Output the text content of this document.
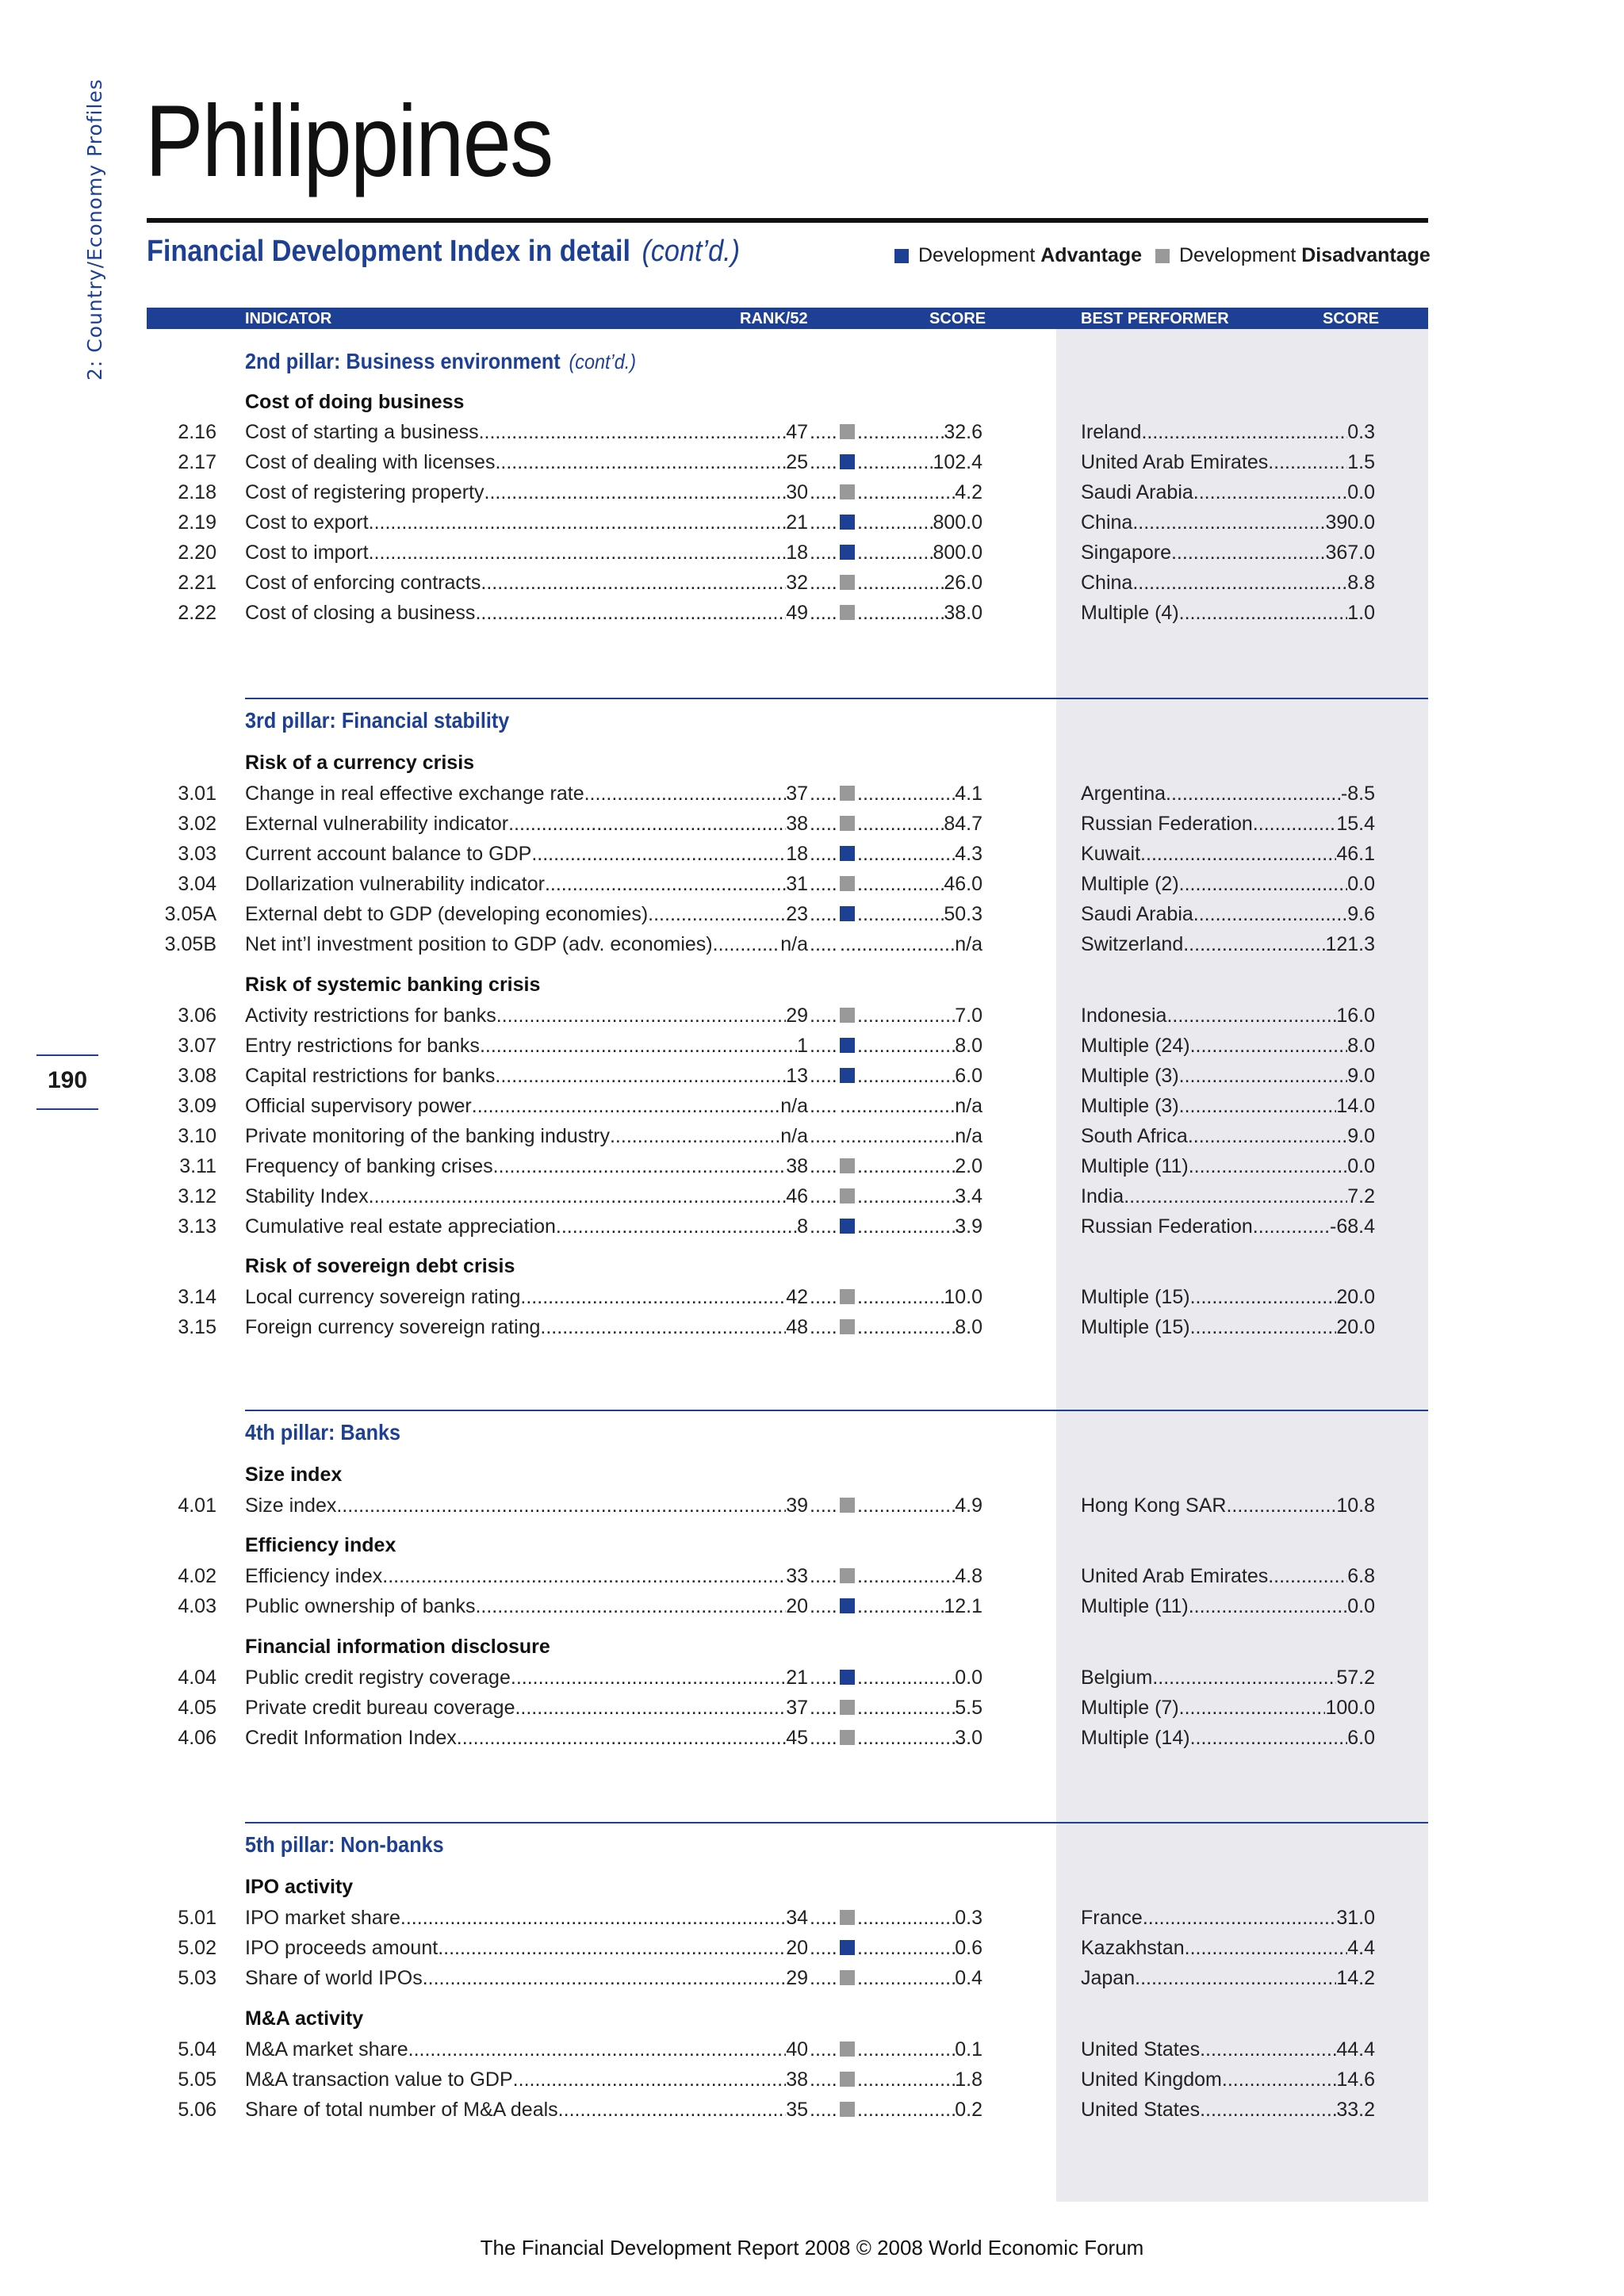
2: Country/Economy Profiles
190
Philippines
Financial Development Index in detail (cont’d.)	Development Advantage	Development Disadvantage
INDICATOR	RANK/52	SCORE	BEST PERFORMER	SCORE
2nd pillar: Business environment (cont’d.)
3rd pillar: Financial stability
4th pillar: Banks
5th pillar: Non-banks
Cost of doing business
Risk of a currency crisis
Risk of systemic banking crisis
Risk of sovereign debt crisis
Size index
Efficiency index
Financial information disclosure
IPO activity
M&A activity
2.16 Cost of starting a business .....	47 ..... .....	32.6	Ireland .....	0.3
2.17 Cost of dealing with licenses .....	25 ..... .....	102.4	United Arab Emirates .....	1.5
2.18 Cost of registering property .....	30 ..... .....	4.2	Saudi Arabia .....	0.0
2.19 Cost to export .....	21 ..... .....	800.0	China .....	390.0
2.20 Cost to import .....	18 ..... .....	800.0	Singapore .....	367.0
2.21 Cost of enforcing contracts .....	32 ..... .....	26.0	China .....	8.8
2.22 Cost of closing a business .....	49 ..... .....	38.0	Multiple (4) .....	1.0
3.01 Change in real effective exchange rate .....	37 ..... .....	4.1	Argentina .....	-8.5
3.02 External vulnerability indicator .....	38 ..... .....	84.7	Russian Federation .....	15.4
3.03 Current account balance to GDP .....	18 ..... .....	4.3	Kuwait .....	46.1
3.04 Dollarization vulnerability indicator .....	31 ..... .....	46.0	Multiple (2) .....	0.0
3.05A External debt to GDP (developing economies) .....	23 ..... .....	50.3	Saudi Arabia .....	9.6
3.05B Net int’l investment position to GDP (adv. economies) .....	n/a ..... .....	n/a	Switzerland .....	121.3
3.06 Activity restrictions for banks .....	29 ..... .....	7.0	Indonesia .....	16.0
3.07 Entry restrictions for banks .....	1 ..... .....	8.0	Multiple (24) .....	8.0
3.08 Capital restrictions for banks .....	13 ..... .....	6.0	Multiple (3) .....	9.0
3.09 Official supervisory power .....	n/a ..... .....	n/a	Multiple (3) .....	14.0
3.10 Private monitoring of the banking industry .....	n/a ..... .....	n/a	South Africa .....	9.0
3.11 Frequency of banking crises .....	38 ..... .....	2.0	Multiple (11) .....	0.0
3.12 Stability Index .....	46 ..... .....	3.4	India .....	7.2
3.13 Cumulative real estate appreciation .....	8 ..... .....	3.9	Russian Federation .....	-68.4
3.14 Local currency sovereign rating .....	42 ..... .....	10.0	Multiple (15) .....	20.0
3.15 Foreign currency sovereign rating .....	48 ..... .....	8.0	Multiple (15) .....	20.0
4.01 Size index .....	39 ..... .....	4.9	Hong Kong SAR .....	10.8
4.02 Efficiency index .....	33 ..... .....	4.8	United Arab Emirates .....	6.8
4.03 Public ownership of banks .....	20 ..... .....	12.1	Multiple (11) .....	0.0
4.04 Public credit registry coverage .....	21 ..... .....	0.0	Belgium .....	57.2
4.05 Private credit bureau coverage .....	37 ..... .....	5.5	Multiple (7) .....	100.0
4.06 Credit Information Index .....	45 ..... .....	3.0	Multiple (14) .....	6.0
5.01 IPO market share .....	34 ..... .....	0.3	France .....	31.0
5.02 IPO proceeds amount .....	20 ..... .....	0.6	Kazakhstan .....	4.4
5.03 Share of world IPOs .....	29 ..... .....	0.4	Japan .....	14.2
5.04 M&A market share .....	40 ..... .....	0.1	United States .....	44.4
5.05 M&A transaction value to GDP .....	38 ..... .....	1.8	United Kingdom .....	14.6
5.06 Share of total number of M&A deals .....	35 ..... .....	0.2	United States .....	33.2
The Financial Development Report 2008 © 2008 World Economic Forum
